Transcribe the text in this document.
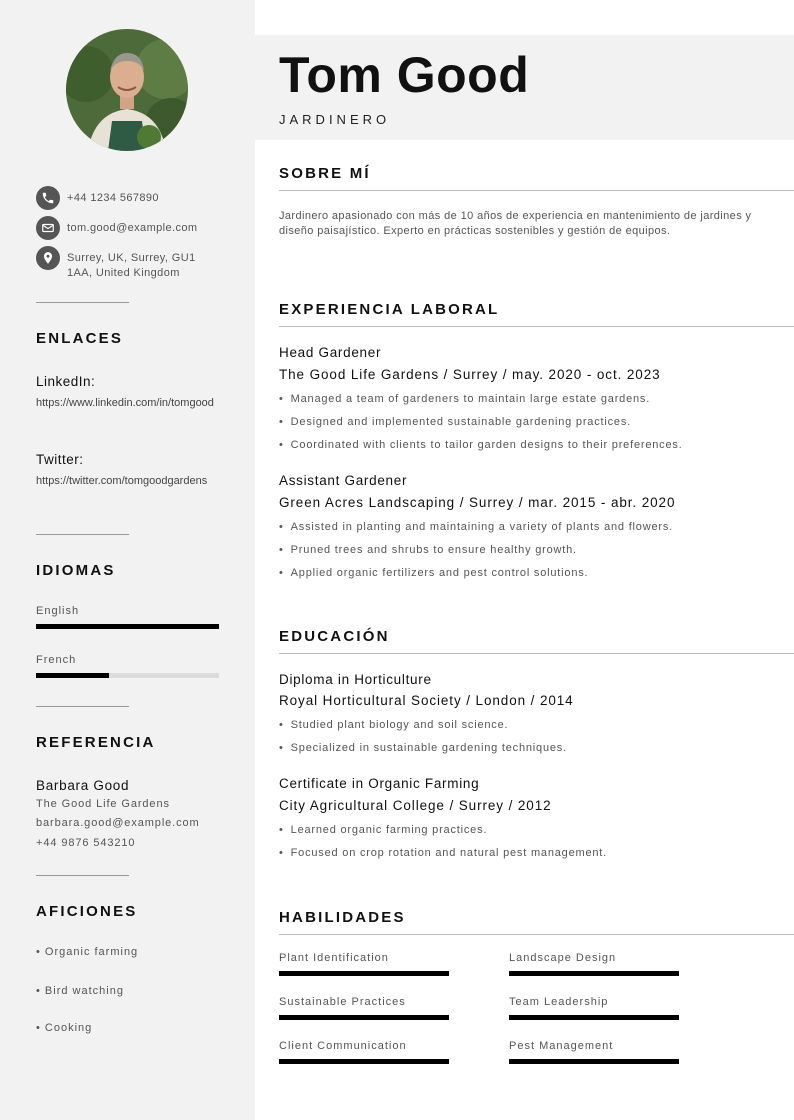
+44 1234 567890
tom.good@example.com
Surrey, UK, Surrey, GU1 1AA, United Kingdom
ENLACES
LinkedIn:
https://www.linkedin.com/in/tomgood
Twitter:
https://twitter.com/tomgoodgardens
IDIOMAS
English
French
REFERENCIA
Barbara Good
The Good Life Gardens
barbara.good@example.com
+44 9876 543210
AFICIONES
• Organic farming
• Bird watching
• Cooking
Tom Good
JARDINERO
SOBRE MÍ
Jardinero apasionado con más de 10 años de experiencia en mantenimiento de jardines y diseño paisajístico. Experto en prácticas sostenibles y gestión de equipos.
EXPERIENCIA LABORAL
Head Gardener
The Good Life Gardens / Surrey / may. 2020 - oct. 2023
• Managed a team of gardeners to maintain large estate gardens.
• Designed and implemented sustainable gardening practices.
• Coordinated with clients to tailor garden designs to their preferences.
Assistant Gardener
Green Acres Landscaping / Surrey / mar. 2015 - abr. 2020
• Assisted in planting and maintaining a variety of plants and flowers.
• Pruned trees and shrubs to ensure healthy growth.
• Applied organic fertilizers and pest control solutions.
EDUCACIÓN
Diploma in Horticulture
Royal Horticultural Society / London / 2014
• Studied plant biology and soil science.
• Specialized in sustainable gardening techniques.
Certificate in Organic Farming
City Agricultural College / Surrey / 2012
• Learned organic farming practices.
• Focused on crop rotation and natural pest management.
HABILIDADES
Plant Identification	Landscape Design
Sustainable Practices	Team Leadership
Client Communication	Pest Management
